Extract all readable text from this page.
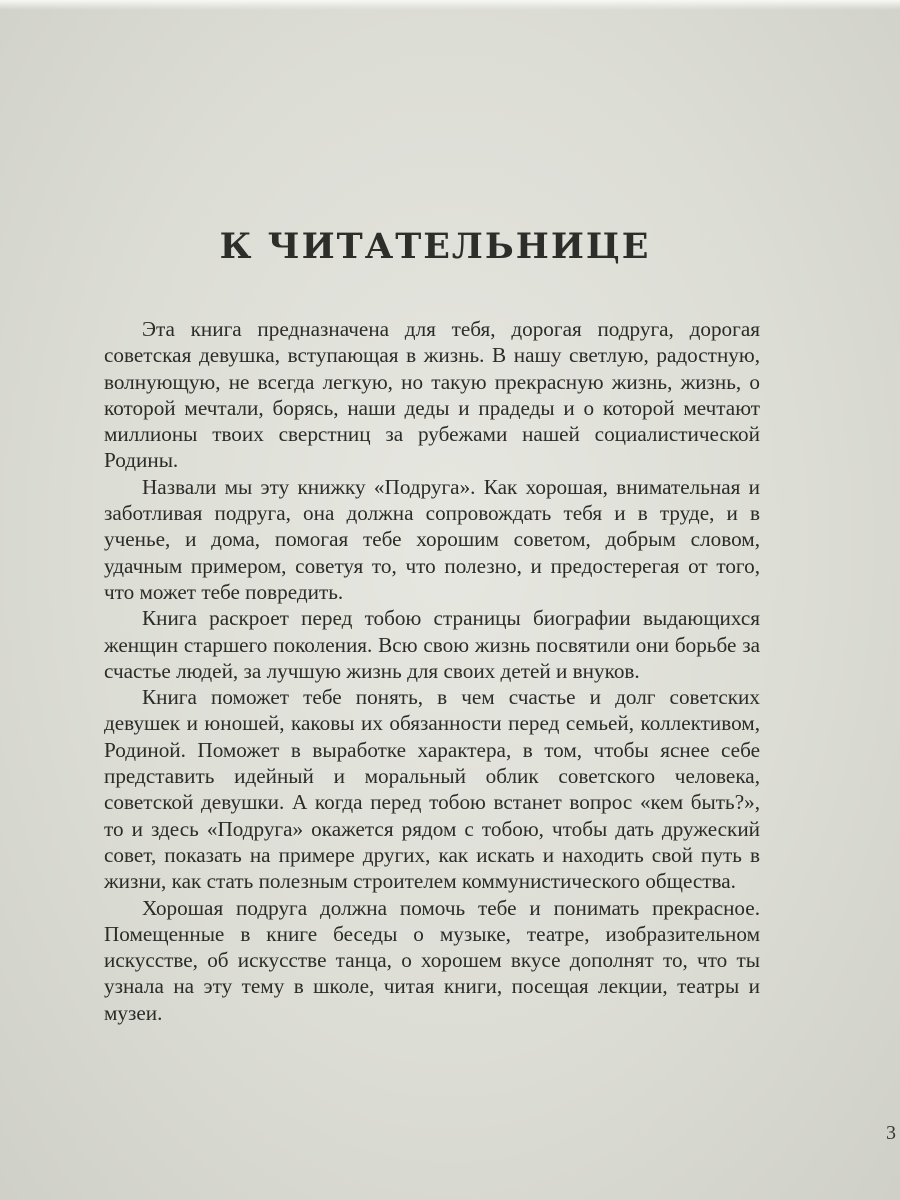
К ЧИТАТЕЛЬНИЦЕ

Эта книга предназначена для тебя, дорогая подруга, дорогая советская девушка, вступающая в жизнь. В нашу светлую, радостную, волнующую, не всегда легкую, но такую прекрасную жизнь, жизнь, о которой мечтали, борясь, наши деды и прадеды и о которой мечтают миллионы твоих сверстниц за рубежами нашей социалистической Родины.

Назвали мы эту книжку «Подруга». Как хорошая, внимательная и заботливая подруга, она должна сопровождать тебя и в труде, и в ученье, и дома, помогая тебе хорошим советом, добрым словом, удачным примером, советуя то, что полезно, и предостерегая от того, что может тебе повредить.

Книга раскроет перед тобою страницы биографии выдающихся женщин старшего поколения. Всю свою жизнь посвятили они борьбе за счастье людей, за лучшую жизнь для своих детей и внуков.

Книга поможет тебе понять, в чем счастье и долг советских девушек и юношей, каковы их обязанности перед семьей, коллективом, Родиной. Поможет в выработке характера, в том, чтобы яснее себе представить идейный и моральный облик советского человека, советской девушки. А когда перед тобою встанет вопрос «кем быть?», то и здесь «Подруга» окажется рядом с тобою, чтобы дать дружеский совет, показать на примере других, как искать и находить свой путь в жизни, как стать полезным строителем коммунистического общества.

Хорошая подруга должна помочь тебе и понимать прекрасное. Помещенные в книге беседы о музыке, театре, изобразительном искусстве, об искусстве танца, о хорошем вкусе дополнят то, что ты узнала на эту тему в школе, читая книги, посещая лекции, театры и музеи.

3
